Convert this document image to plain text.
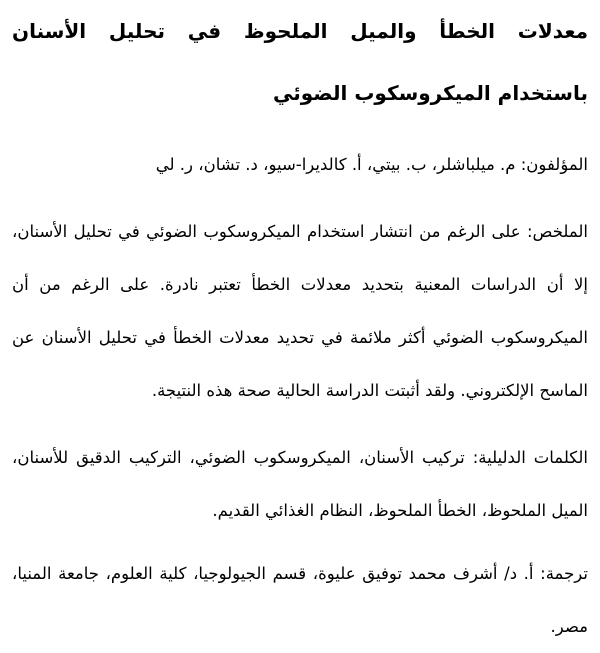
معدلات الخطأ والميل الملحوظ في تحليل الأسنان باستخدام الميكروسكوب الضوئي

المؤلفون: م. ميلباشلر، ب. بيتي، أ. كالديرا-سيو، د. تشان، ر. لي

الملخص: على الرغم من انتشار استخدام الميكروسكوب الضوئي في تحليل الأسنان، إلا أن الدراسات المعنية بتحديد معدلات الخطأ تعتبر نادرة. على الرغم من أن الميكروسكوب الضوئي أكثر ملائمة في تحديد معدلات الخطأ في تحليل الأسنان عن الماسح الإلكتروني. ولقد أثبتت الدراسة الحالية صحة هذه النتيجة.

الكلمات الدليلية: تركيب الأسنان، الميكروسكوب الضوئي، التركيب الدقيق للأسنان، الميل الملحوظ، الخطأ الملحوظ، النظام الغذائي القديم.

ترجمة: أ. د/ أشرف محمد توفيق عليوة، قسم الجيولوجيا، كلية العلوم، جامعة المنيا، مصر.
